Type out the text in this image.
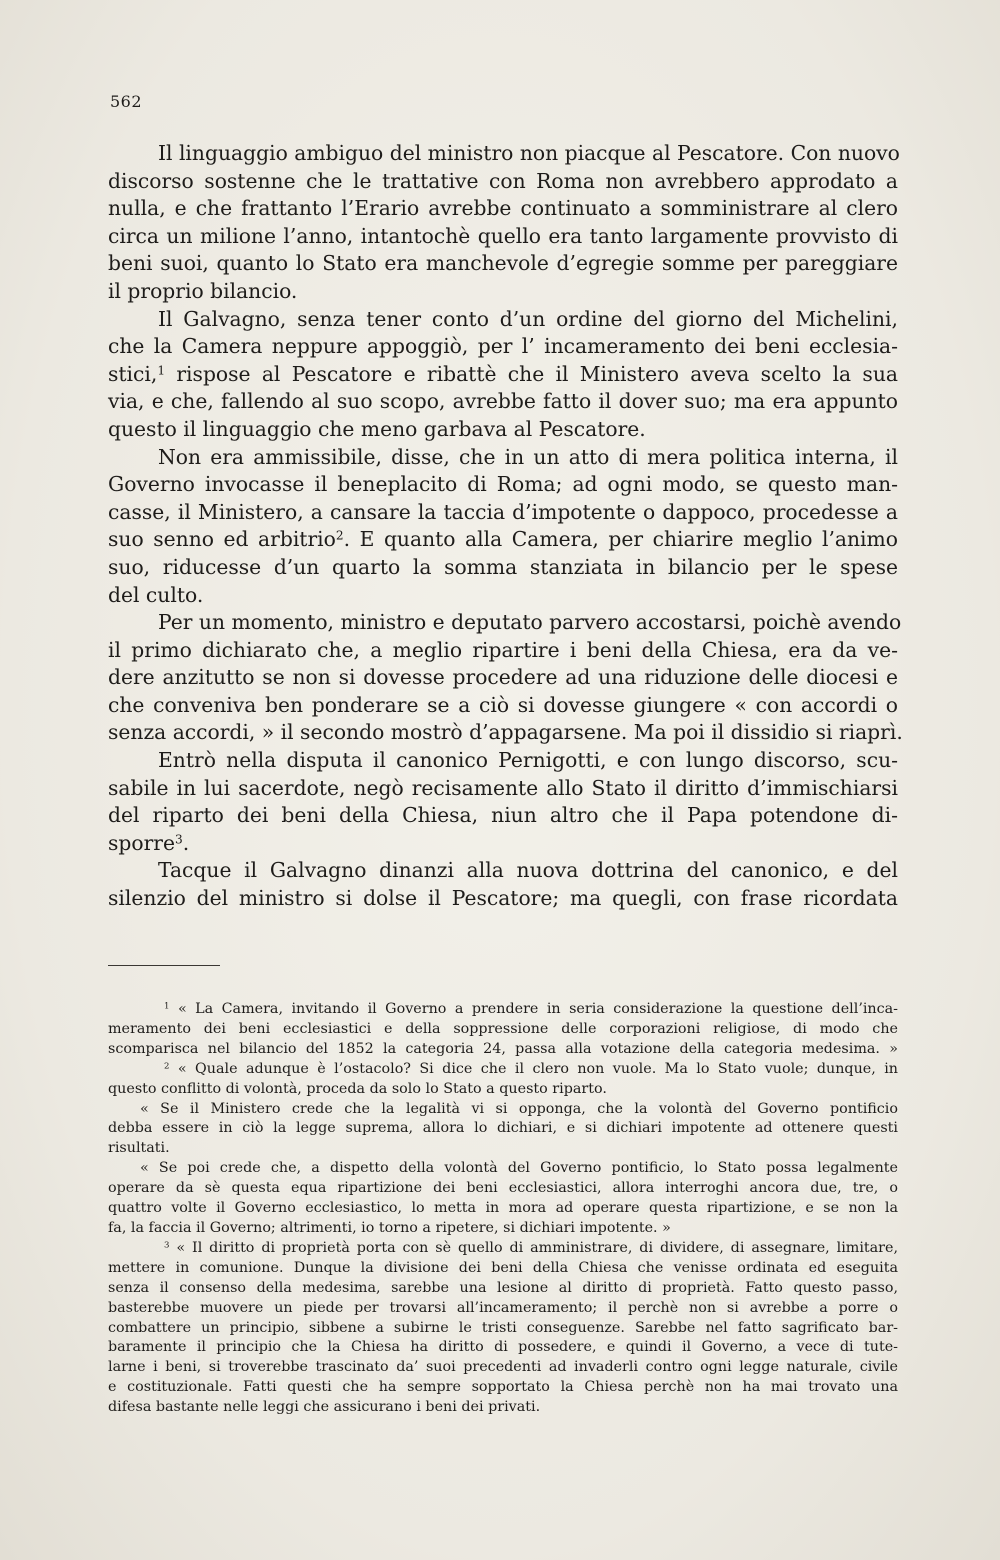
562
Il linguaggio ambiguo del ministro non piacque al Pescatore. Con nuovo
discorso sostenne che le trattative con Roma non avrebbero approdato a
nulla, e che frattanto l’Erario avrebbe continuato a somministrare al clero
circa un milione l’anno, intantochè quello era tanto largamente provvisto di
beni suoi, quanto lo Stato era manchevole d’egregie somme per pareggiare
il proprio bilancio.
Il Galvagno, senza tener conto d’un ordine del giorno del Michelini,
che la Camera neppure appoggiò, per l’ incameramento dei beni ecclesia-
stici,$^1$ rispose al Pescatore e ribattè che il Ministero aveva scelto la sua
via, e che, fallendo al suo scopo, avrebbe fatto il dover suo; ma era appunto
questo il linguaggio che meno garbava al Pescatore.
Non era ammissibile, disse, che in un atto di mera politica interna, il
Governo invocasse il beneplacito di Roma; ad ogni modo, se questo man-
casse, il Ministero, a cansare la taccia d’impotente o dappoco, procedesse a
suo senno ed arbitrio$^2$. E quanto alla Camera, per chiarire meglio l’animo
suo, riducesse d’un quarto la somma stanziata in bilancio per le spese
del culto.
Per un momento, ministro e deputato parvero accostarsi, poichè avendo
il primo dichiarato che, a meglio ripartire i beni della Chiesa, era da ve-
dere anzitutto se non si dovesse procedere ad una riduzione delle diocesi e
che conveniva ben ponderare se a ciò si dovesse giungere « con accordi o
senza accordi, » il secondo mostrò d’appagarsene. Ma poi il dissidio si riaprì.
Entrò nella disputa il canonico Pernigotti, e con lungo discorso, scu-
sabile in lui sacerdote, negò recisamente allo Stato il diritto d’immischiarsi
del riparto dei beni della Chiesa, niun altro che il Papa potendone di-
sporre$^3$.
Tacque il Galvagno dinanzi alla nuova dottrina del canonico, e del
silenzio del ministro si dolse il Pescatore; ma quegli, con frase ricordata
$^1$ « La Camera, invitando il Governo a prendere in seria considerazione la questione dell’inca-
meramento dei beni ecclesiastici e della soppressione delle corporazioni religiose, di modo che
scomparisca nel bilancio del 1852 la categoria 24, passa alla votazione della categoria medesima. »
$^2$ « Quale adunque è l’ostacolo? Si dice che il clero non vuole. Ma lo Stato vuole; dunque, in
questo conflitto di volontà, proceda da solo lo Stato a questo riparto.
« Se il Ministero crede che la legalità vi si opponga, che la volontà del Governo pontificio
debba essere in ciò la legge suprema, allora lo dichiari, e si dichiari impotente ad ottenere questi
risultati.
« Se poi crede che, a dispetto della volontà del Governo pontificio, lo Stato possa legalmente
operare da sè questa equa ripartizione dei beni ecclesiastici, allora interroghi ancora due, tre, o
quattro volte il Governo ecclesiastico, lo metta in mora ad operare questa ripartizione, e se non la
fa, la faccia il Governo; altrimenti, io torno a ripetere, si dichiari impotente. »
$^3$ « Il diritto di proprietà porta con sè quello di amministrare, di dividere, di assegnare, limitare,
mettere in comunione. Dunque la divisione dei beni della Chiesa che venisse ordinata ed eseguita
senza il consenso della medesima, sarebbe una lesione al diritto di proprietà. Fatto questo passo,
basterebbe muovere un piede per trovarsi all’incameramento; il perchè non si avrebbe a porre o
combattere un principio, sibbene a subirne le tristi conseguenze. Sarebbe nel fatto sagrificato bar-
baramente il principio che la Chiesa ha diritto di possedere, e quindi il Governo, a vece di tute-
larne i beni, si troverebbe trascinato da’ suoi precedenti ad invaderli contro ogni legge naturale, civile
e costituzionale. Fatti questi che ha sempre sopportato la Chiesa perchè non ha mai trovato una
difesa bastante nelle leggi che assicurano i beni dei privati.
